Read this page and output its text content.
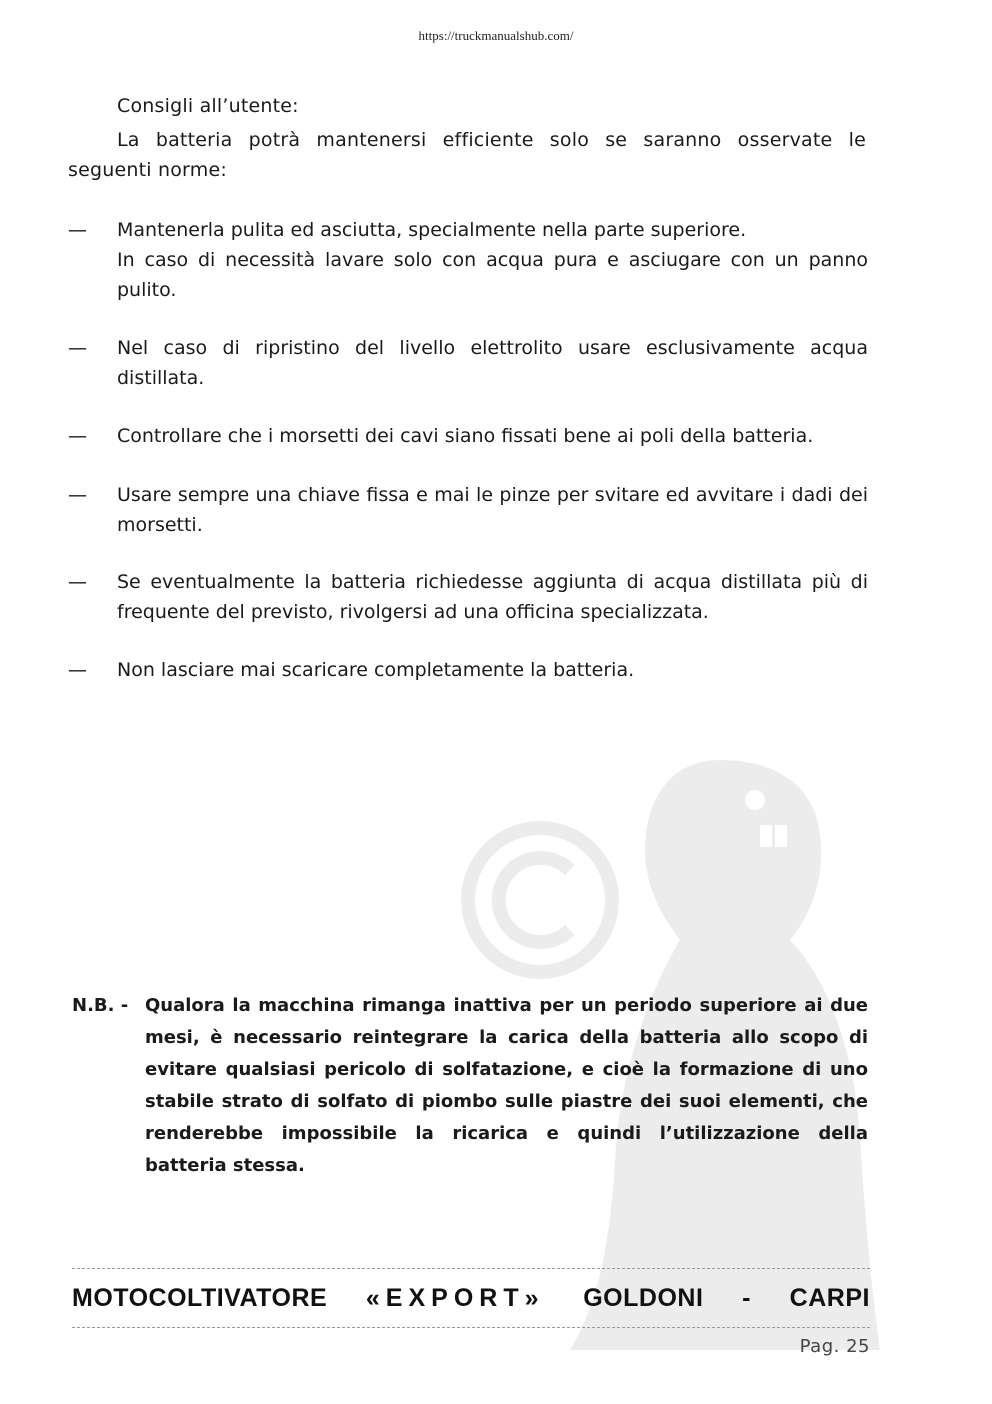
https://truckmanualshub.com/
Consigli all’utente:
La batteria potrà mantenersi efficiente solo se saranno osservate le seguenti norme:
—	Mantenerla pulita ed asciutta, specialmente nella parte superiore.
In caso di necessità lavare solo con acqua pura e asciugare con un panno pulito.
—	Nel caso di ripristino del livello elettrolito usare esclusivamente acqua distillata.
—	Controllare che i morsetti dei cavi siano fissati bene ai poli della batteria.
—	Usare sempre una chiave fissa e mai le pinze per svitare ed avvitare i dadi dei morsetti.
—	Se eventualmente la batteria richiedesse aggiunta di acqua distillata più di frequente del previsto, rivolgersi ad una officina specializzata.
—	Non lasciare mai scaricare completamente la batteria.
N.B. - Qualora la macchina rimanga inattiva per un periodo superiore ai due mesi, è necessario reintegrare la carica della batteria allo scopo di evitare qualsiasi pericolo di solfatazione, e cioè la formazione di uno stabile strato di solfato di piombo sulle piastre dei suoi elementi, che renderebbe impossibile la ricarica e quindi l’utilizzazione della batteria stessa.
MOTOCOLTIVATORE «EXPORT» GOLDONI - CARPI
Pag. 25
